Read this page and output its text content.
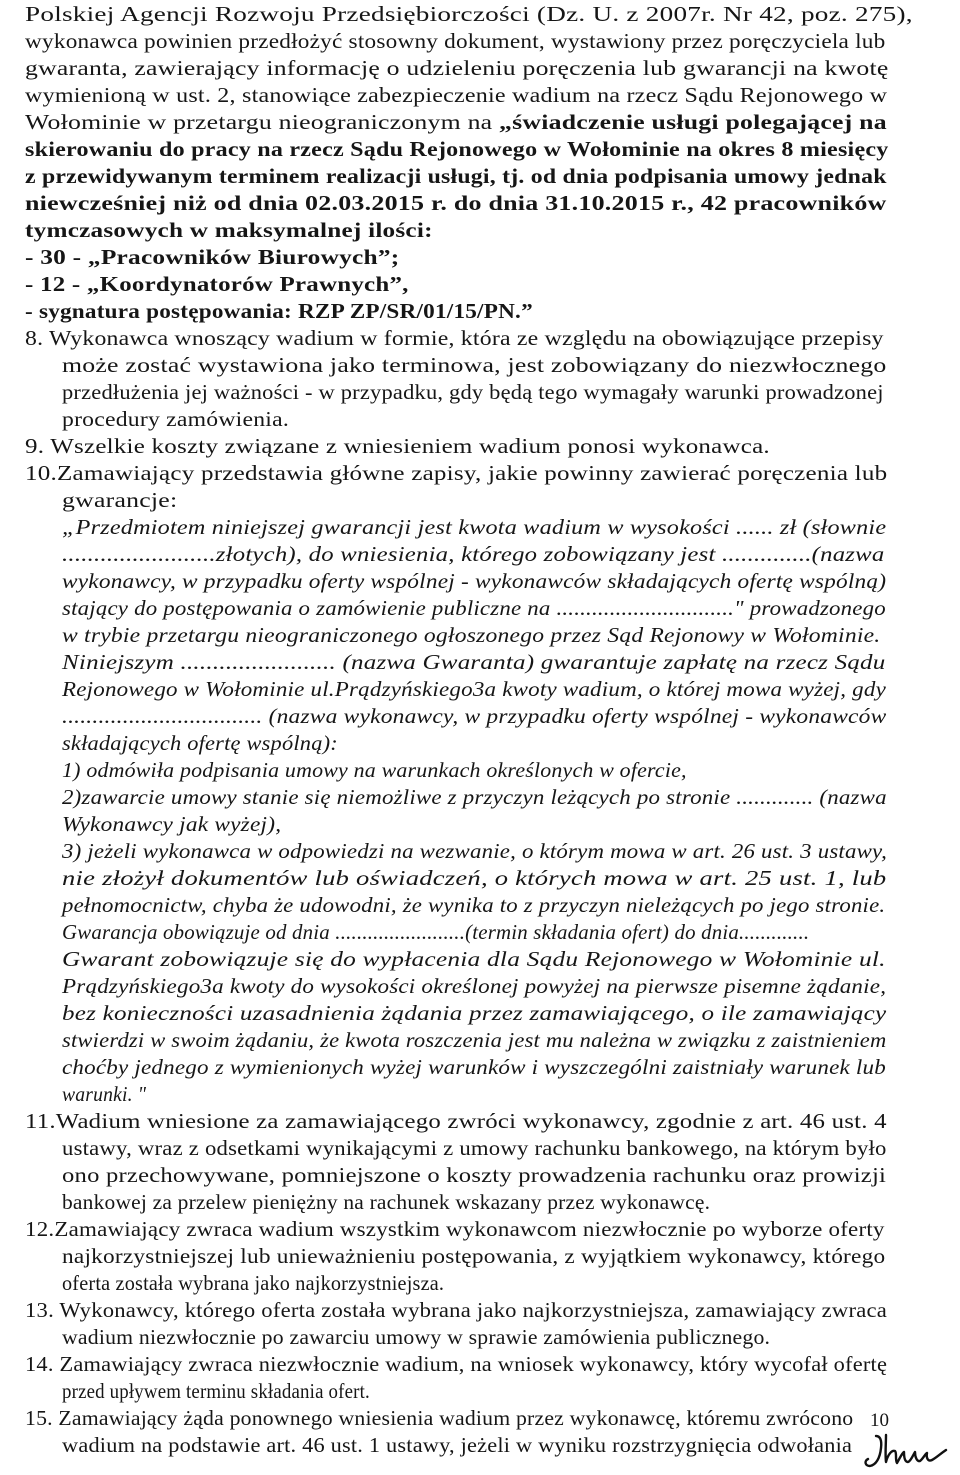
Polskiej Agencji Rozwoju Przedsiębiorczości (Dz. U. z 2007r. Nr 42, poz. 275),
wykonawca powinien przedłożyć stosowny dokument, wystawiony przez poręczyciela lub
gwaranta, zawierający informację o udzieleniu poręczenia lub gwarancji na kwotę
wymienioną w ust. 2, stanowiące zabezpieczenie wadium na rzecz Sądu Rejonowego w
Wołominie w przetargu nieograniczonym na „świadczenie usługi polegającej na
skierowaniu do pracy na rzecz Sądu Rejonowego w Wołominie na okres 8 miesięcy
z przewidywanym terminem realizacji usługi, tj. od dnia podpisania umowy jednak
niewcześniej niż od dnia 02.03.2015 r. do dnia 31.10.2015 r., 42 pracowników
tymczasowych w maksymalnej ilości:
- 30 - „Pracowników Biurowych”;
- 12 - „Koordynatorów Prawnych”,
- sygnatura postępowania: RZP ZP/SR/01/15/PN.”
8. Wykonawca wnoszący wadium w formie, która ze względu na obowiązujące przepisy
może zostać wystawiona jako terminowa, jest zobowiązany do niezwłocznego
przedłużenia jej ważności - w przypadku, gdy będą tego wymagały warunki prowadzonej
procedury zamówienia.
9. Wszelkie koszty związane z wniesieniem wadium ponosi wykonawca.
10.Zamawiający przedstawia główne zapisy, jakie powinny zawierać poręczenia lub
gwarancje:
„Przedmiotem niniejszej gwarancji jest kwota wadium w wysokości ...... zł (słownie
........................złotych), do wniesienia, którego zobowiązany jest ..............(nazwa
wykonawcy, w przypadku oferty wspólnej - wykonawców składających ofertę wspólną)
stający do postępowania o zamówienie publiczne na .............................." prowadzonego
w trybie przetargu nieograniczonego ogłoszonego przez Sąd Rejonowy w Wołominie.
Niniejszym ........................ (nazwa Gwaranta) gwarantuje zapłatę na rzecz Sądu
Rejonowego w Wołominie ul.Prądzyńskiego3a kwoty wadium, o której mowa wyżej, gdy
................................. (nazwa wykonawcy, w przypadku oferty wspólnej - wykonawców
składających ofertę wspólną):
1) odmówiła podpisania umowy na warunkach określonych w ofercie,
2)zawarcie umowy stanie się niemożliwe z przyczyn leżących po stronie ............. (nazwa
Wykonawcy jak wyżej),
3) jeżeli wykonawca w odpowiedzi na wezwanie, o którym mowa w art. 26 ust. 3 ustawy,
nie złożył dokumentów lub oświadczeń, o których mowa w art. 25 ust. 1, lub
pełnomocnictw, chyba że udowodni, że wynika to z przyczyn nieleżących po jego stronie.
Gwarancja obowiązuje od dnia ........................(termin składania ofert) do dnia.............
Gwarant zobowiązuje się do wypłacenia dla Sądu Rejonowego w Wołominie ul.
Prądzyńskiego3a kwoty do wysokości określonej powyżej na pierwsze pisemne żądanie,
bez konieczności uzasadnienia żądania przez zamawiającego, o ile zamawiający
stwierdzi w swoim żądaniu, że kwota roszczenia jest mu należna w związku z zaistnieniem
choćby jednego z wymienionych wyżej warunków i wyszczególni zaistniały warunek lub
warunki. "
11.Wadium wniesione za zamawiającego zwróci wykonawcy, zgodnie z art. 46 ust. 4
ustawy, wraz z odsetkami wynikającymi z umowy rachunku bankowego, na którym było
ono przechowywane, pomniejszone o koszty prowadzenia rachunku oraz prowizji
bankowej za przelew pieniężny na rachunek wskazany przez wykonawcę.
12.Zamawiający zwraca wadium wszystkim wykonawcom niezwłocznie po wyborze oferty
najkorzystniejszej lub unieważnieniu postępowania, z wyjątkiem wykonawcy, którego
oferta została wybrana jako najkorzystniejsza.
13. Wykonawcy, którego oferta została wybrana jako najkorzystniejsza, zamawiający zwraca
wadium niezwłocznie po zawarciu umowy w sprawie zamówienia publicznego.
14. Zamawiający zwraca niezwłocznie wadium, na wniosek wykonawcy, który wycofał ofertę
przed upływem terminu składania ofert.
15. Zamawiający żąda ponownego wniesienia wadium przez wykonawcę, któremu zwrócono
wadium na podstawie art. 46 ust. 1 ustawy, jeżeli w wyniku rozstrzygnięcia odwołania
10
